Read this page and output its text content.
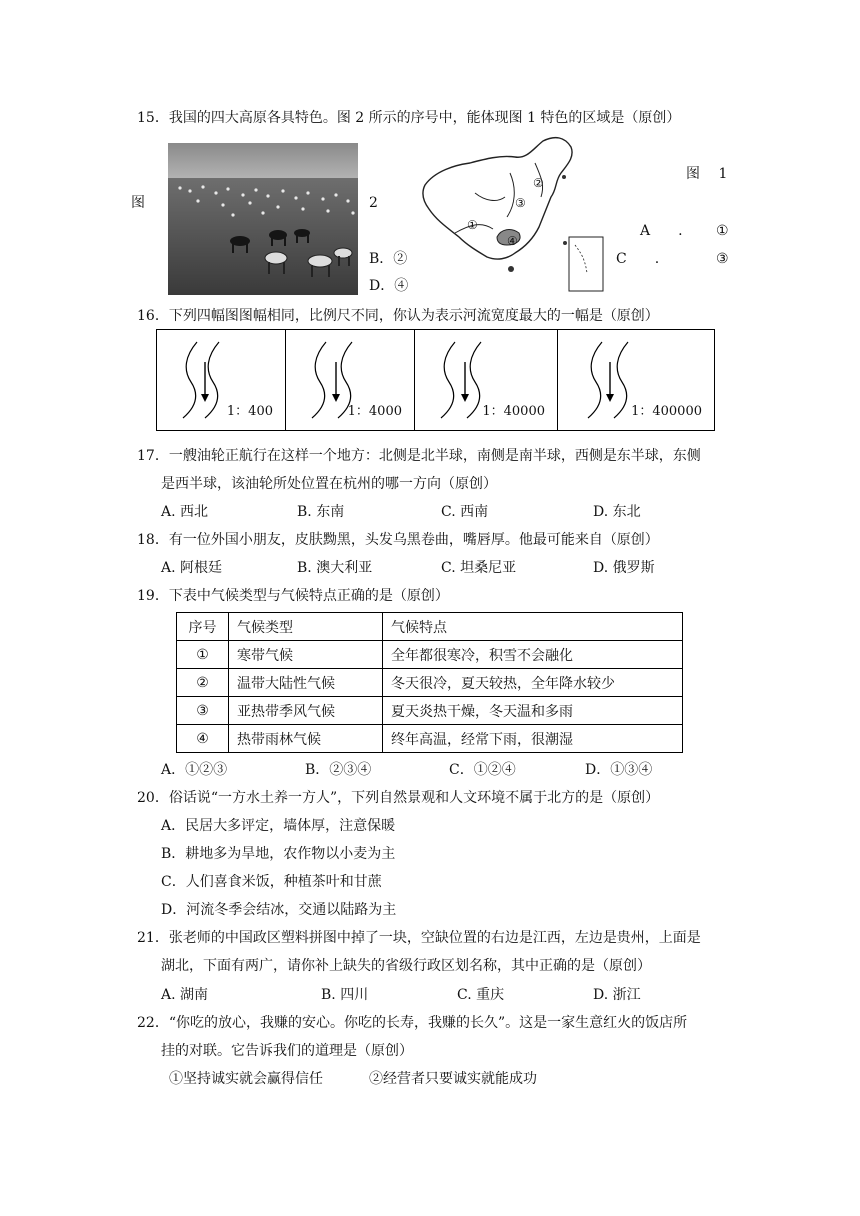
15．我国的四大高原各具特色。图 2 所示的序号中，能体现图 1 特色的区域是（原创）
图	2
②
③
①
④
图　 1
A　　. ①
B．②	C　　.	③
D．④
16．下列四幅图图幅相同，比例尺不同，你认为表示河流宽度最大的一幅是（原创）
1：400	1：4000	1：40000	1：400000
17．一艘油轮正航行在这样一个地方：北侧是北半球，南侧是南半球，西侧是东半球，东侧
是西半球，该油轮所处位置在杭州的哪一方向（原创）
A. 西北	B. 东南	C. 西南	D. 东北
18．有一位外国小朋友，皮肤黝黑，头发乌黑卷曲，嘴唇厚。他最可能来自（原创）
A. 阿根廷	B. 澳大利亚	C. 坦桑尼亚	D. 俄罗斯
19．下表中气候类型与气候特点正确的是（原创）
序号	气候类型	气候特点
①	寒带气候	全年都很寒冷，积雪不会融化
②	温带大陆性气候	冬天很冷，夏天较热，全年降水较少
③	亚热带季风气候	夏天炎热干燥，冬天温和多雨
④	热带雨林气候	终年高温，经常下雨，很潮湿
A．①②③	B．②③④	C．①②④	D．①③④
20．俗话说“一方水土养一方人”，下列自然景观和人文环境不属于北方的是（原创）
A．民居大多评定，墙体厚，注意保暖
B．耕地多为旱地，农作物以小麦为主
C．人们喜食米饭，种植茶叶和甘蔗
D．河流冬季会结冰，交通以陆路为主
21．张老师的中国政区塑料拼图中掉了一块，空缺位置的右边是江西，左边是贵州，上面是
湖北，下面有两广，请你补上缺失的省级行政区划名称，其中正确的是（原创）
A. 湖南	B. 四川	C. 重庆	D. 浙江
22．“你吃的放心，我赚的安心。你吃的长寿，我赚的长久”。这是一家生意红火的饭店所
挂的对联。它告诉我们的道理是（原创）
①坚持诚实就会赢得信任	②经营者只要诚实就能成功
